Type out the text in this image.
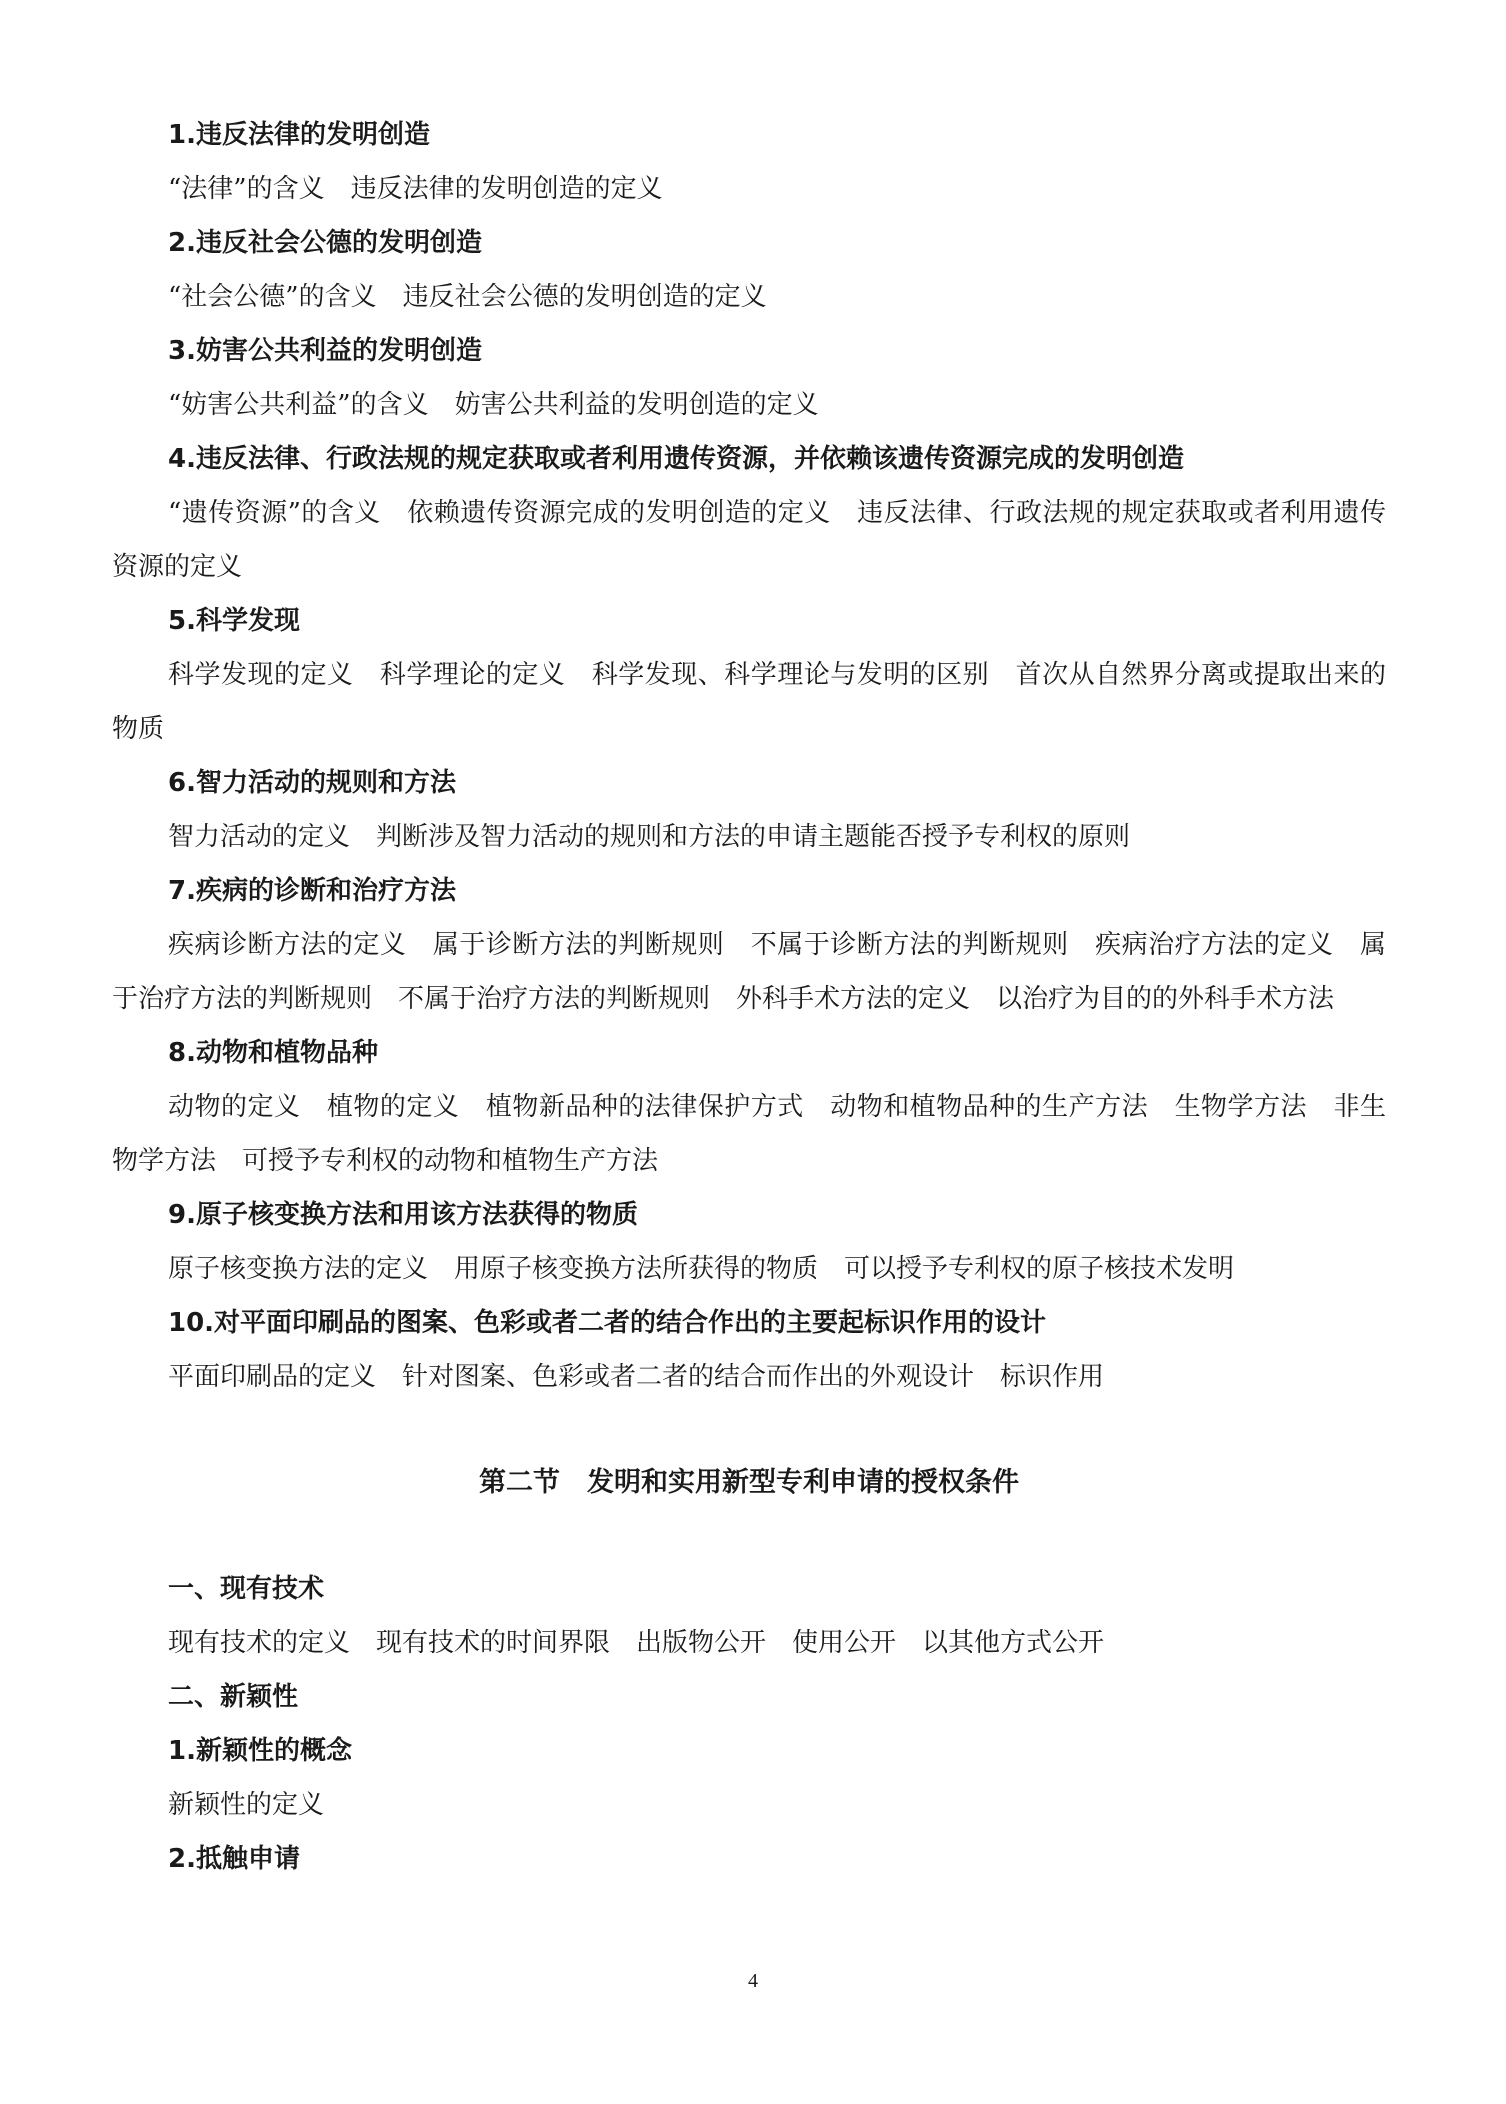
1.违反法律的发明创造

“法律”的含义　违反法律的发明创造的定义

2.违反社会公德的发明创造

“社会公德”的含义　违反社会公德的发明创造的定义

3.妨害公共利益的发明创造

“妨害公共利益”的含义　妨害公共利益的发明创造的定义

4.违反法律、行政法规的规定获取或者利用遗传资源，并依赖该遗传资源完成的发明创造

“遗传资源”的含义　依赖遗传资源完成的发明创造的定义　违反法律、行政法规的规定获取或者利用遗传资源的定义

5.科学发现

科学发现的定义　科学理论的定义　科学发现、科学理论与发明的区别　首次从自然界分离或提取出来的物质

6.智力活动的规则和方法

智力活动的定义　判断涉及智力活动的规则和方法的申请主题能否授予专利权的原则

7.疾病的诊断和治疗方法

疾病诊断方法的定义　属于诊断方法的判断规则　不属于诊断方法的判断规则　疾病治疗方法的定义　属于治疗方法的判断规则　不属于治疗方法的判断规则　外科手术方法的定义　以治疗为目的的外科手术方法

8.动物和植物品种

动物的定义　植物的定义　植物新品种的法律保护方式　动物和植物品种的生产方法　生物学方法　非生物学方法　可授予专利权的动物和植物生产方法

9.原子核变换方法和用该方法获得的物质

原子核变换方法的定义　用原子核变换方法所获得的物质　可以授予专利权的原子核技术发明

10.对平面印刷品的图案、色彩或者二者的结合作出的主要起标识作用的设计

平面印刷品的定义　针对图案、色彩或者二者的结合而作出的外观设计　标识作用

第二节　发明和实用新型专利申请的授权条件
一、现有技术

现有技术的定义　现有技术的时间界限　出版物公开　使用公开　以其他方式公开

二、新颖性
1.新颖性的概念

新颖性的定义

2.抵触申请
4
